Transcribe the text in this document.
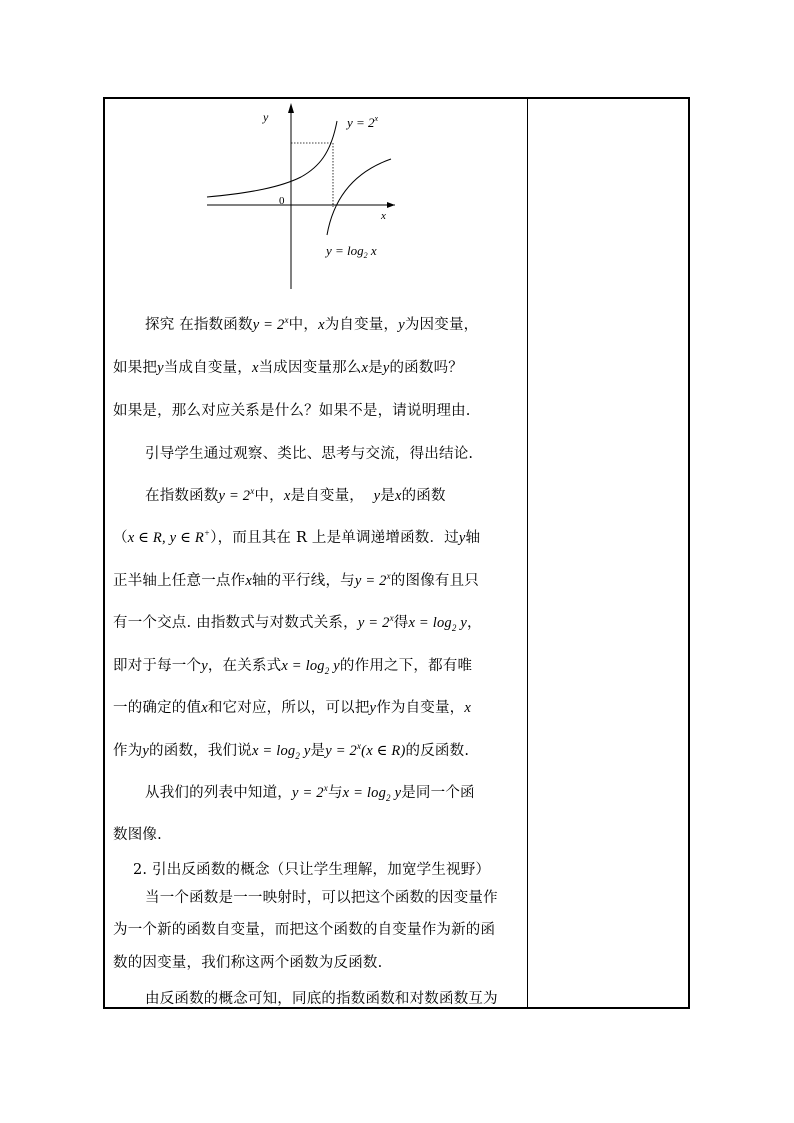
y
x
0
$y = 2^x$
$y = \log_2 x$
探究 在指数函数$y = 2^x$中，x为自变量，y为因变量，
如果把y当成自变量，x当成因变量那么x是y的函数吗？
如果是，那么对应关系是什么？如果不是，请说明理由.
引导学生通过观察、类比、思考与交流，得出结论.
在指数函数$y = 2^x$中，x是自变量， y是x的函数
（x ∈ R, y ∈ R+），而且其在 R 上是单调递增函数．过y轴
正半轴上任意一点作x轴的平行线，与$y = 2^x$的图像有且只
有一个交点. 由指数式与对数式关系，$y = 2^x$得$x = \log_2 y$，
即对于每一个y，在关系式$x = \log_2 y$的作用之下，都有唯
一的确定的值x和它对应，所以，可以把y作为自变量，x
作为y的函数，我们说$x = \log_2 y$是$y = 2^x(x$ ∈ R)的反函数.
从我们的列表中知道，$y = 2^x$与$x = \log_2 y$是同一个函
数图像.
2. 引出反函数的概念（只让学生理解，加宽学生视野）
当一个函数是一一映射时，可以把这个函数的因变量作
为一个新的函数自变量，而把这个函数的自变量作为新的函
数的因变量，我们称这两个函数为反函数.
由反函数的概念可知，同底的指数函数和对数函数互为
